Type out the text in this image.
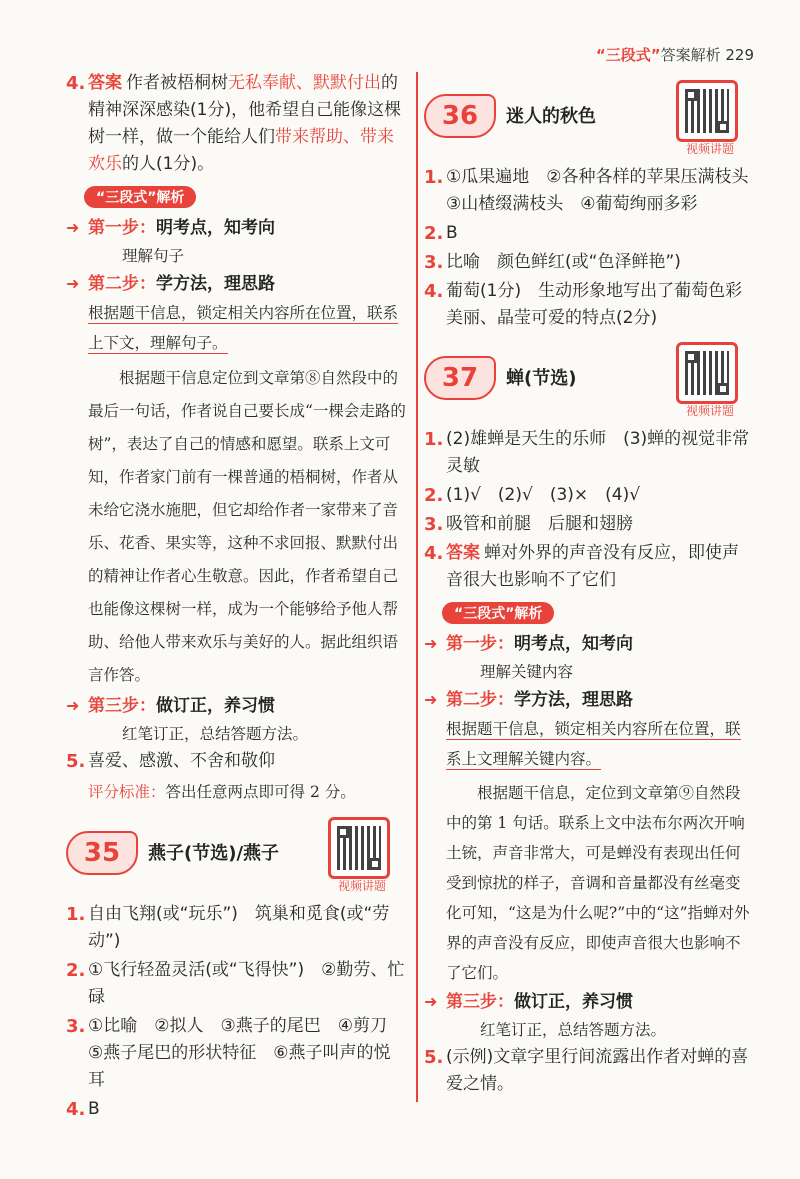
“三段式”答案解析 229
4. 答案 作者被梧桐树无私奉献、默默付出的精神深深感染(1分)，他希望自己能像这棵树一样，做一个能给人们带来帮助、带来欢乐的人(1分)。
“三段式”解析
➜ 第一步：明考点，知考向
理解句子
➜ 第二步：学方法，理思路
根据题干信息，锁定相关内容所在位置，联系上下文，理解句子。
根据题干信息定位到文章第⑧自然段中的最后一句话，作者说自己要长成“一棵会走路的树”，表达了自己的情感和愿望。联系上文可知，作者家门前有一棵普通的梧桐树，作者从未给它浇水施肥，但它却给作者一家带来了音乐、花香、果实等，这种不求回报、默默付出的精神让作者心生敬意。因此，作者希望自己也能像这棵树一样，成为一个能够给予他人帮助、给他人带来欢乐与美好的人。据此组织语言作答。
➜ 第三步：做订正，养习惯
红笔订正，总结答题方法。
5. 喜爱、感激、不舍和敬仰
评分标准：答出任意两点即可得 2 分。
35	燕子(节选)/燕子
视频讲题
1. 自由飞翔(或“玩乐”)　筑巢和觅食(或“劳动”)
2. ①飞行轻盈灵活(或“飞得快”)　②勤劳、忙碌
3. ①比喻　②拟人　③燕子的尾巴　④剪刀　⑤燕子尾巴的形状特征　⑥燕子叫声的悦耳
4. B
36	迷人的秋色
视频讲题
1. ①瓜果遍地　②各种各样的苹果压满枝头　③山楂缀满枝头　④葡萄绚丽多彩
2. B
3. 比喻　颜色鲜红(或“色泽鲜艳”)
4. 葡萄(1分)　生动形象地写出了葡萄色彩美丽、晶莹可爱的特点(2分)
37	蝉(节选)
视频讲题
1. (2)雄蝉是天生的乐师　(3)蝉的视觉非常灵敏
2. (1)√　(2)√　(3)×　(4)√
3. 吸管和前腿　后腿和翅膀
4. 答案 蝉对外界的声音没有反应，即使声音很大也影响不了它们
“三段式”解析
➜ 第一步：明考点，知考向
理解关键内容
➜ 第二步：学方法，理思路
根据题干信息，锁定相关内容所在位置，联系上文理解关键内容。
根据题干信息，定位到文章第⑨自然段中的第 1 句话。联系上文中法布尔两次开响土铳，声音非常大，可是蝉没有表现出任何受到惊扰的样子，音调和音量都没有丝毫变化可知，“这是为什么呢?”中的“这”指蝉对外界的声音没有反应，即使声音很大也影响不了它们。
➜ 第三步：做订正，养习惯
红笔订正，总结答题方法。
5. (示例)文章字里行间流露出作者对蝉的喜爱之情。
